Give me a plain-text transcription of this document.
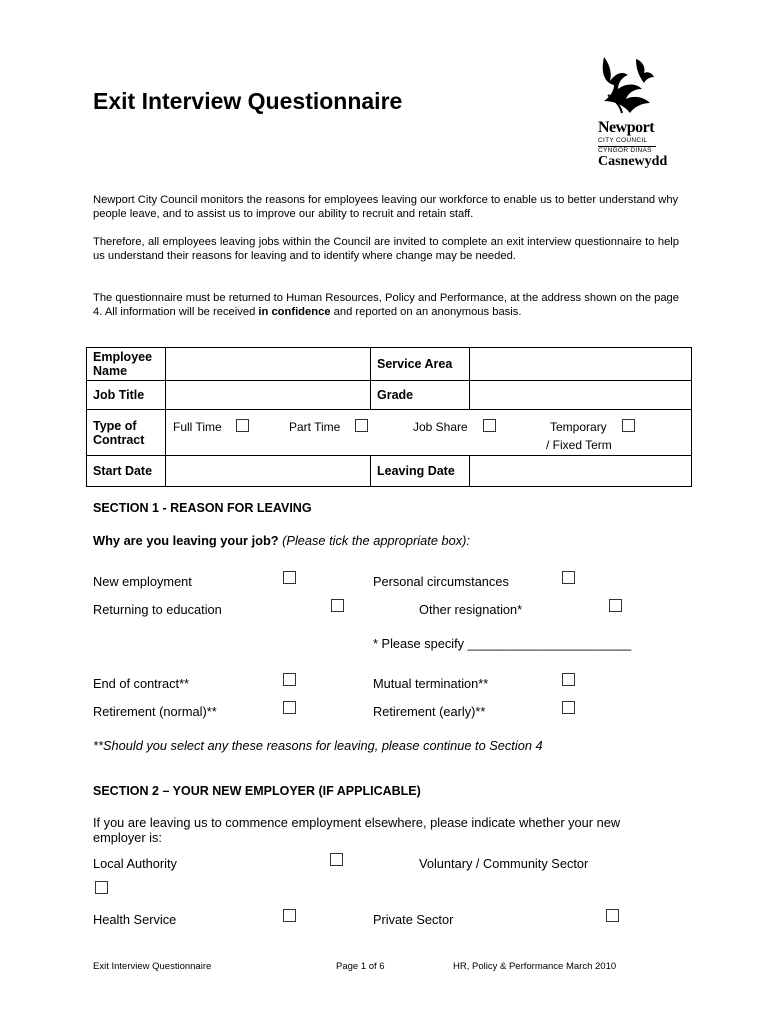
Exit Interview Questionnaire
Newport
CITY COUNCIL
CYNGOR DINAS
Casnewydd
Newport City Council monitors the reasons for employees leaving our workforce to enable us to better understand why people leave, and to assist us to improve our ability to recruit and retain staff.
Therefore, all employees leaving jobs within the Council are invited to complete an exit interview questionnaire to help us understand their reasons for leaving and to identify where change may be needed.
The questionnaire must be returned to Human Resources, Policy and Performance, at the address shown on the page 4. All information will be received in confidence and reported on an anonymous basis.
Employee Name		Service Area	
Job Title		Grade	
Type of Contract	Full Time Part Time Job Share Temporary
/ Fixed Term		

Start Date		Leaving Date	
SECTION 1 - REASON FOR LEAVING
Why are you leaving your job? (Please tick the appropriate box):
New employment	Personal circumstances
Returning to education	Other resignation*
* Please specify _______________________
End of contract**	Mutual termination**
Retirement (normal)**	Retirement (early)**
**Should you select any these reasons for leaving, please continue to Section 4
SECTION 2 – YOUR NEW EMPLOYER (IF APPLICABLE)
If you are leaving us to commence employment elsewhere, please indicate whether your new employer is:
Local Authority	Voluntary / Community Sector
Health Service	Private Sector
Exit Interview Questionnaire	Page 1 of 6	HR, Policy & Performance March 2010
